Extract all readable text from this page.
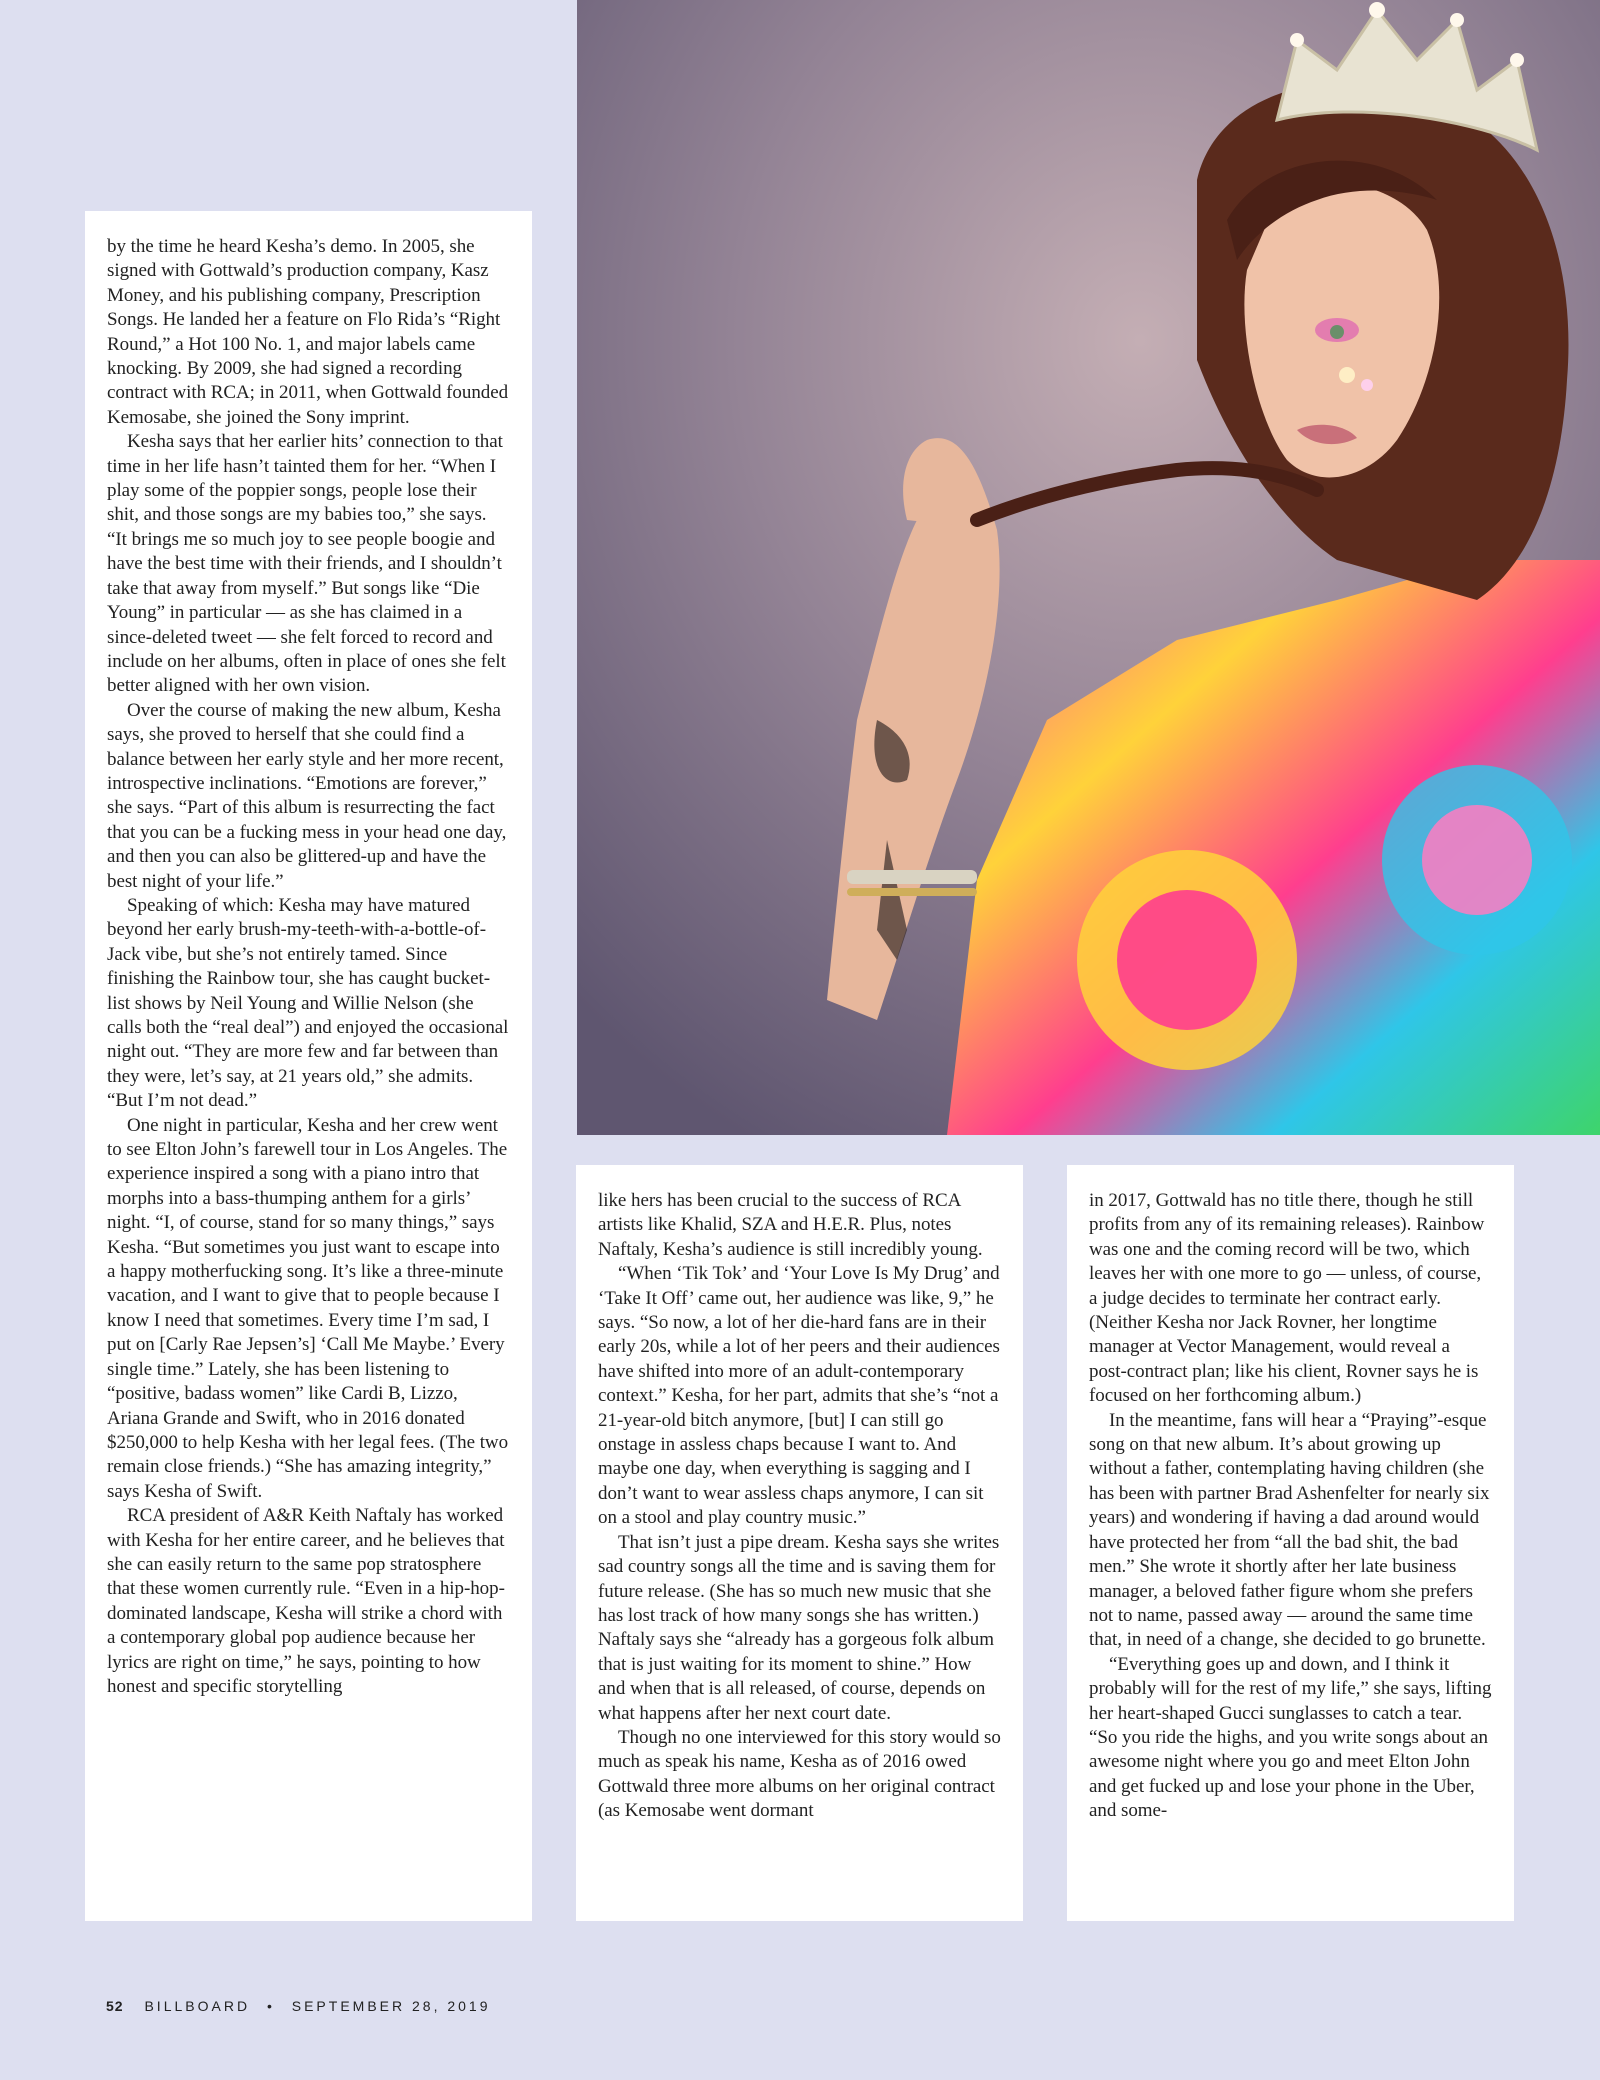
by the time he heard Kesha’s demo. In 2005, she signed with Gottwald’s production company, Kasz Money, and his publishing company, Prescription Songs. He landed her a feature on Flo Rida’s “Right Round,” a Hot 100 No. 1, and major labels came knocking. By 2009, she had signed a recording contract with RCA; in 2011, when Gottwald founded Kemosabe, she joined the Sony imprint.

Kesha says that her earlier hits’ connection to that time in her life hasn’t tainted them for her. “When I play some of the poppier songs, people lose their shit, and those songs are my babies too,” she says. “It brings me so much joy to see people boogie and have the best time with their friends, and I shouldn’t take that away from myself.” But songs like “Die Young” in particular — as she has claimed in a since-deleted tweet — she felt forced to record and include on her albums, often in place of ones she felt better aligned with her own vision.

Over the course of making the new album, Kesha says, she proved to herself that she could find a balance between her early style and her more recent, introspective inclinations. “Emotions are forever,” she says. “Part of this album is resurrecting the fact that you can be a fucking mess in your head one day, and then you can also be glittered-up and have the best night of your life.”

Speaking of which: Kesha may have matured beyond her early brush-my-teeth-with-a-bottle-of-Jack vibe, but she’s not entirely tamed. Since finishing the Rainbow tour, she has caught bucket-list shows by Neil Young and Willie Nelson (she calls both the “real deal”) and enjoyed the occasional night out. “They are more few and far between than they were, let’s say, at 21 years old,” she admits. “But I’m not dead.”

One night in particular, Kesha and her crew went to see Elton John’s farewell tour in Los Angeles. The experience inspired a song with a piano intro that morphs into a bass-thumping anthem for a girls’ night. “I, of course, stand for so many things,” says Kesha. “But sometimes you just want to escape into a happy motherfucking song. It’s like a three-minute vacation, and I want to give that to people because I know I need that sometimes. Every time I’m sad, I put on [Carly Rae Jepsen’s] ‘Call Me Maybe.’ Every single time.” Lately, she has been listening to “positive, badass women” like Cardi B, Lizzo, Ariana Grande and Swift, who in 2016 donated $250,000 to help Kesha with her legal fees. (The two remain close friends.) “She has amazing integrity,” says Kesha of Swift.

RCA president of A&R Keith Naftaly has worked with Kesha for her entire career, and he believes that she can easily return to the same pop stratosphere that these women currently rule. “Even in a hip-hop-dominated landscape, Kesha will strike a chord with a contemporary global pop audience because her lyrics are right on time,” he says, pointing to how honest and specific storytelling

like hers has been crucial to the success of RCA artists like Khalid, SZA and H.E.R. Plus, notes Naftaly, Kesha’s audience is still incredibly young.

“When ‘Tik Tok’ and ‘Your Love Is My Drug’ and ‘Take It Off’ came out, her audience was like, 9,” he says. “So now, a lot of her die-hard fans are in their early 20s, while a lot of her peers and their audiences have shifted into more of an adult-contemporary context.” Kesha, for her part, admits that she’s “not a 21-year-old bitch anymore, [but] I can still go onstage in assless chaps because I want to. And maybe one day, when everything is sagging and I don’t want to wear assless chaps anymore, I can sit on a stool and play country music.”

That isn’t just a pipe dream. Kesha says she writes sad country songs all the time and is saving them for future release. (She has so much new music that she has lost track of how many songs she has written.) Naftaly says she “already has a gorgeous folk album that is just waiting for its moment to shine.” How and when that is all released, of course, depends on what happens after her next court date.

Though no one interviewed for this story would so much as speak his name, Kesha as of 2016 owed Gottwald three more albums on her original contract (as Kemosabe went dormant

in 2017, Gottwald has no title there, though he still profits from any of its remaining releases). Rainbow was one and the coming record will be two, which leaves her with one more to go — unless, of course, a judge decides to terminate her contract early. (Neither Kesha nor Jack Rovner, her longtime manager at Vector Management, would reveal a post-contract plan; like his client, Rovner says he is focused on her forthcoming album.)

In the meantime, fans will hear a “Praying”-esque song on that new album. It’s about growing up without a father, contemplating having children (she has been with partner Brad Ashenfelter for nearly six years) and wondering if having a dad around would have protected her from “all the bad shit, the bad men.” She wrote it shortly after her late business manager, a beloved father figure whom she prefers not to name, passed away — around the same time that, in need of a change, she decided to go brunette.

“Everything goes up and down, and I think it probably will for the rest of my life,” she says, lifting her heart-shaped Gucci sunglasses to catch a tear. “So you ride the highs, and you write songs about an awesome night where you go and meet Elton John and get fucked up and lose your phone in the Uber, and some-

52 BILLBOARD • SEPTEMBER 28, 2019
